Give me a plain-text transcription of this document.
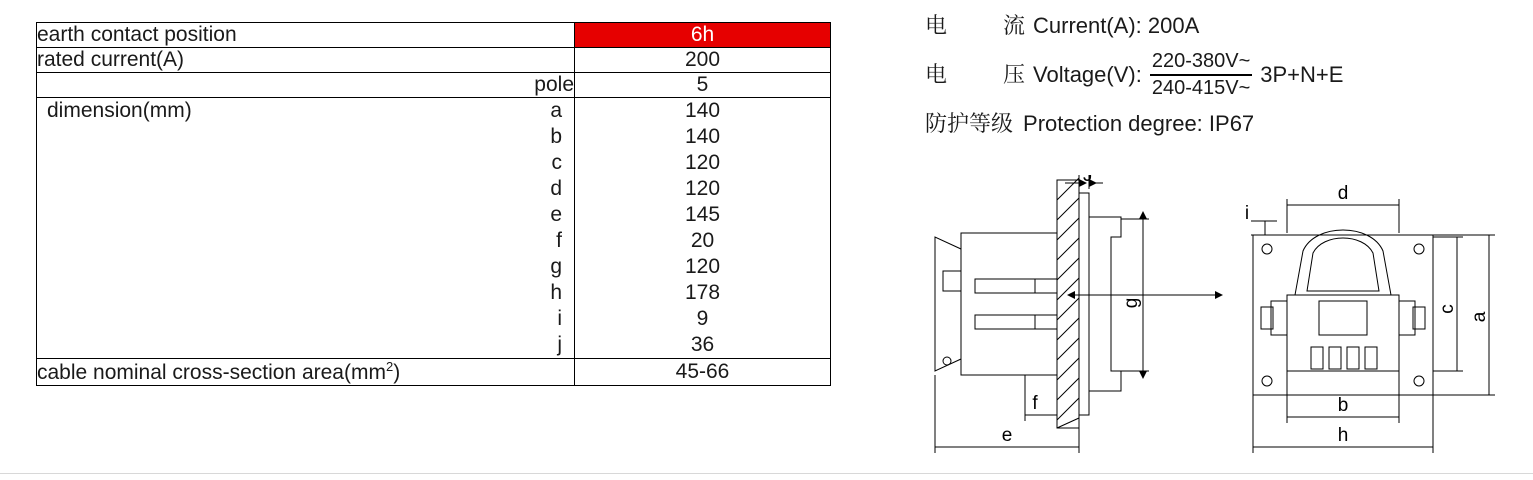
earth contact position	6h
rated current(A)	200
pole	5

dimension(mm) a	140

b	140

c	120

d	120

e	145

f	20

g	120

h	178

i	9

j	36
cable nominal cross-section $area(mm^2)$	45-66
电	流 Current(A): 200A
电	压 Voltage(V): $\frac{220-380V\sim}{240-415V\sim} 3P+N+E$
防护等级 Protection degree: IP67
J
g
f
e
d
i
c
a
b
h
